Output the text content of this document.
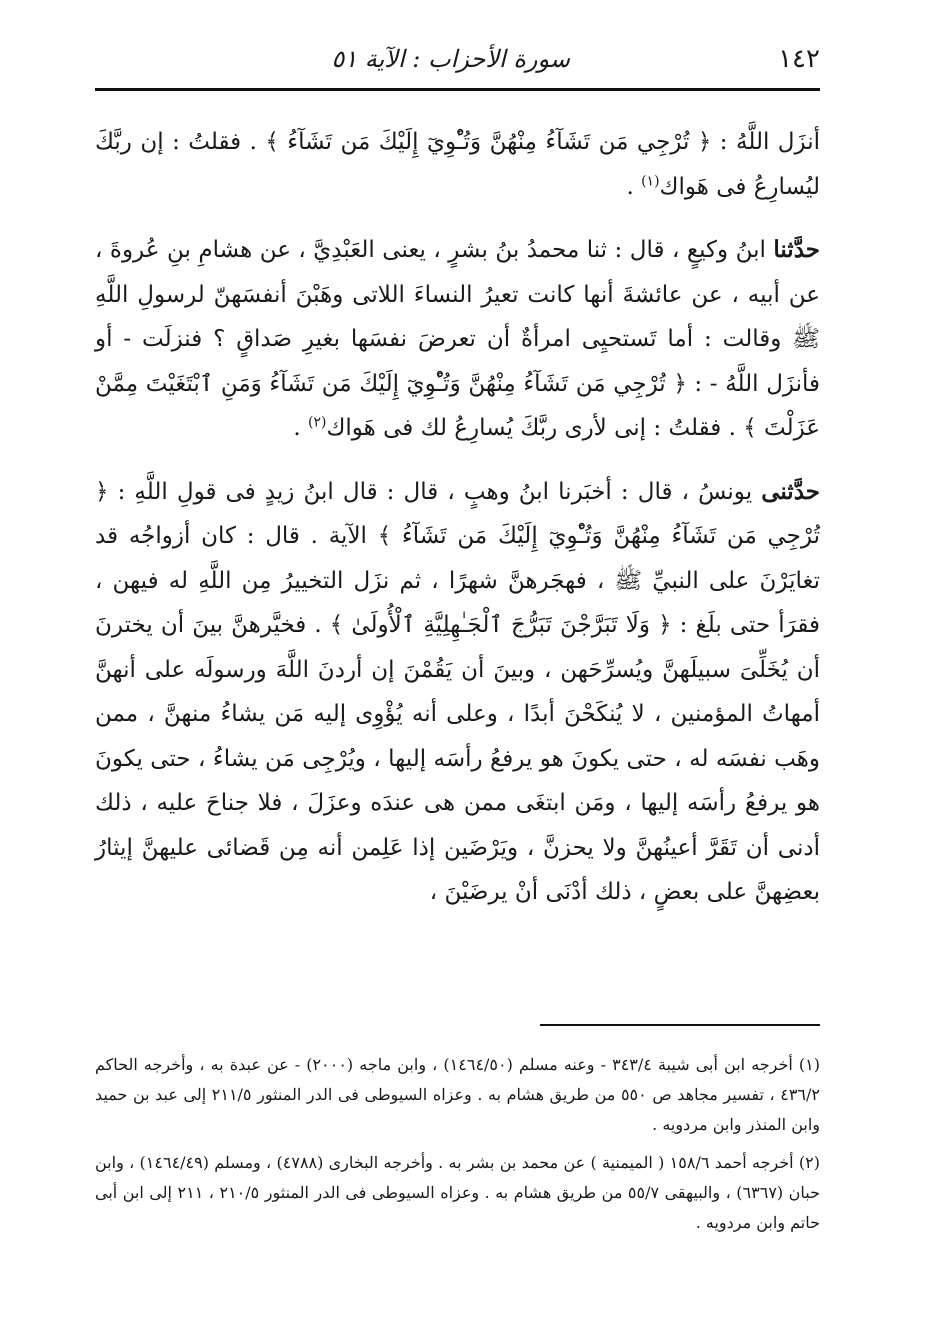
١٤٢
سورة الأحزاب : الآية ٥١

أنزَل اللَّهُ : ﴿ تُرْجِي مَن تَشَآءُ مِنْهُنَّ وَتُـْٔوِيٓ إِلَيْكَ مَن تَشَآءُ ﴾ . فقلتُ : إن ربَّكَ ليُسارِعُ فى هَواك$^{(١)}$ .

حدَّثنا ابنُ وكيعٍ ، قال : ثنا محمدُ بنُ بشرٍ ، يعنى العَبْدِيَّ ، عن هشامِ بنِ عُروةَ ، عن أبيه ، عن عائشةَ أنها كانت تعيرُ النساءَ اللاتى وهَبْنَ أنفسَهنّ لرسولِ اللَّهِ ﷺ وقالت : أما تَستحيِى امرأةٌ أن تعرضَ نفسَها بغيرِ صَداقٍ ؟ فنزلَت - أو فأنزَل اللَّهُ - : ﴿ تُرْجِي مَن تَشَآءُ مِنْهُنَّ وَتُـْٔوِيٓ إِلَيْكَ مَن تَشَآءُ وَمَنِ ٱبْتَغَيْتَ مِمَّنْ عَزَلْتَ ﴾ . فقلتُ : إنى لأرى ربَّكَ يُسارِعُ لك فى هَواك$^{(٢)}$ .

حدَّثنى يونسُ ، قال : أخبَرنا ابنُ وهبٍ ، قال : قال ابنُ زيدٍ فى قولِ اللَّهِ : ﴿ تُرْجِي مَن تَشَآءُ مِنْهُنَّ وَتُـْٔوِيٓ إِلَيْكَ مَن تَشَآءُ ﴾ الآية . قال : كان أزواجُه قد تغايَرْنَ على النبيِّ ﷺ ، فهجَرهنَّ شهرًا ، ثم نزَل التخييرُ مِن اللَّهِ له فيهن ، فقرَأ حتى بلَغ : ﴿ وَلَا تَبَرَّجْنَ تَبَرُّجَ ٱلْجَـٰهِلِيَّةِ ٱلْأُولَىٰ ﴾ . فخيَّرهنَّ بينَ أن يخترنَ أن يُخَلِّىَ سبيلَهنَّ ويُسرِّحَهن ، وبينَ أن يَقُمْنَ إن أردنَ اللَّهَ ورسولَه على أنهنَّ أمهاتُ المؤمنين ، لا يُنكَحْنَ أبدًا ، وعلى أنه يُؤْوِى إليه مَن يشاءُ منهنَّ ، ممن وهَب نفسَه له ، حتى يكونَ هو يرفعُ رأسَه إليها ، ويُرْجِى مَن يشاءُ ، حتى يكونَ هو يرفعُ رأسَه إليها ، ومَن ابتغَى ممن هى عندَه وعزَلَ ، فلا جناحَ عليه ، ذلك أدنى أن تَقَرَّ أعينُهنَّ ولا يحزنَّ ، ويَرْضَين إذا عَلِمن أنه مِن قَضائى عليهنَّ إيثارُ بعضِهنَّ على بعضٍ ، ذلك أدْنَى أنْ يرضَيْنَ ،

(١) أخرجه ابن أبى شيبة ٣٤٣/٤ - وعنه مسلم (١٤٦٤/٥٠) ، وابن ماجه (٢٠٠٠) - عن عبدة به ، وأخرجه الحاكم ٤٣٦/٢ ، تفسير مجاهد ص ٥٥٠ من طريق هشام به . وعزاه السيوطى فى الدر المنثور ٢١١/٥ إلى عبد بن حميد وابن المنذر وابن مردويه .

(٢) أخرجه أحمد ١٥٨/٦ ( الميمنية ) عن محمد بن بشر به . وأخرجه البخارى (٤٧٨٨) ، ومسلم (١٤٦٤/٤٩) ، وابن حبان (٦٣٦٧) ، والبيهقى ٥٥/٧ من طريق هشام به . وعزاه السيوطى فى الدر المنثور ٢١٠/٥ ، ٢١١ إلى ابن أبى حاتم وابن مردويه .
